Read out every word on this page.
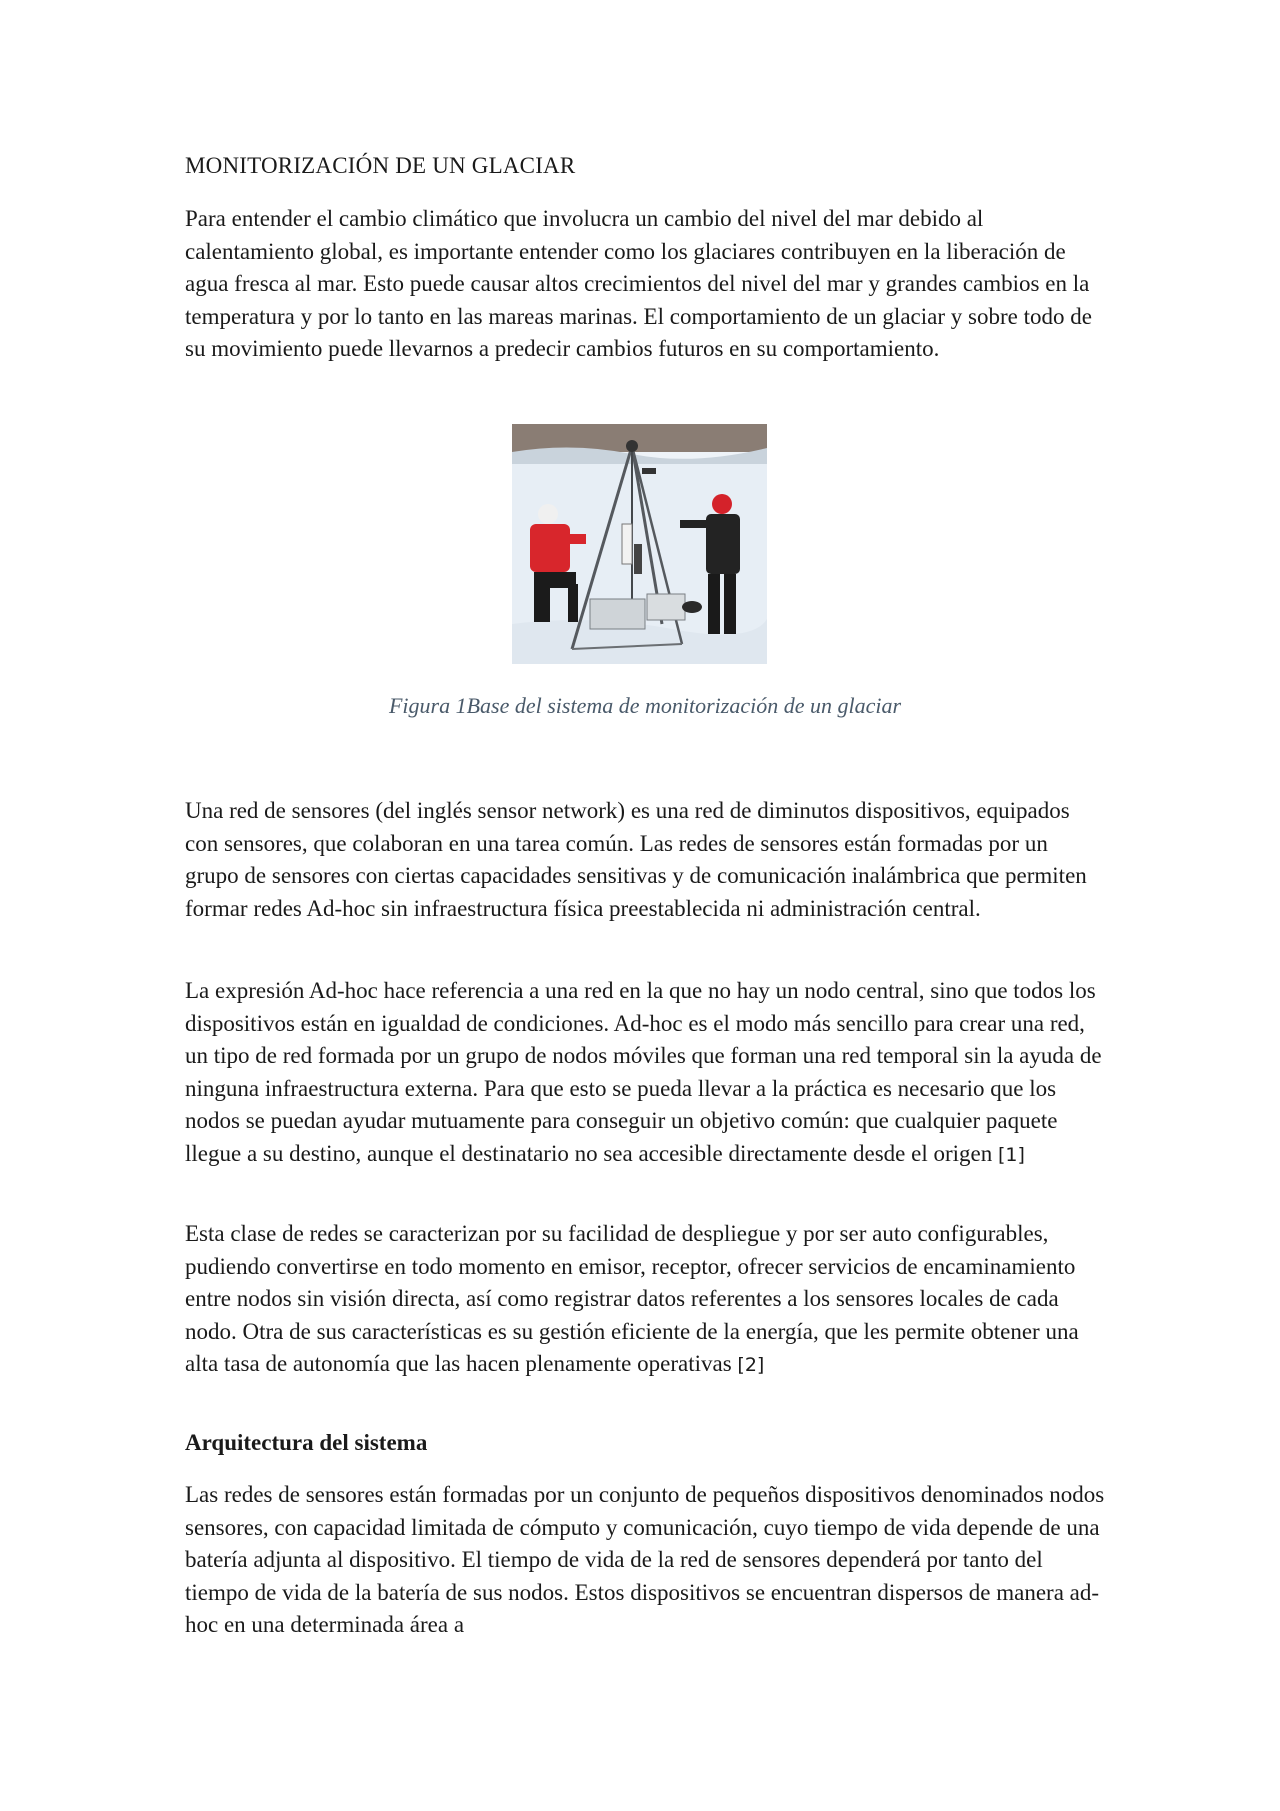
MONITORIZACIÓN DE UN GLACIAR

Para entender el cambio climático que involucra un cambio del nivel del mar debido al calentamiento global, es importante entender como los glaciares contribuyen en la liberación de agua fresca al mar. Esto puede causar altos crecimientos del nivel del mar y grandes cambios en la temperatura y por lo tanto en las mareas marinas. El comportamiento de un glaciar y sobre todo de su movimiento puede llevarnos a predecir cambios futuros en su comportamiento.

Figura 1Base del sistema de monitorización de un glaciar

Una red de sensores (del inglés sensor network) es una red de diminutos dispositivos, equipados con sensores, que colaboran en una tarea común. Las redes de sensores están formadas por un grupo de sensores con ciertas capacidades sensitivas y de comunicación inalámbrica que permiten formar redes Ad-hoc sin infraestructura física preestablecida ni administración central.

La expresión Ad-hoc hace referencia a una red en la que no hay un nodo central, sino que todos los dispositivos están en igualdad de condiciones. Ad-hoc es el modo más sencillo para crear una red, un tipo de red formada por un grupo de nodos móviles que forman una red temporal sin la ayuda de ninguna infraestructura externa. Para que esto se pueda llevar a la práctica es necesario que los nodos se puedan ayudar mutuamente para conseguir un objetivo común: que cualquier paquete llegue a su destino, aunque el destinatario no sea accesible directamente desde el origen [1]

Esta clase de redes se caracterizan por su facilidad de despliegue y por ser auto configurables, pudiendo convertirse en todo momento en emisor, receptor, ofrecer servicios de encaminamiento entre nodos sin visión directa, así como registrar datos referentes a los sensores locales de cada nodo. Otra de sus características es su gestión eficiente de la energía, que les permite obtener una alta tasa de autonomía que las hacen plenamente operativas [2]

Arquitectura del sistema

Las redes de sensores están formadas por un conjunto de pequeños dispositivos denominados nodos sensores, con capacidad limitada de cómputo y comunicación, cuyo tiempo de vida depende de una batería adjunta al dispositivo. El tiempo de vida de la red de sensores dependerá por tanto del tiempo de vida de la batería de sus nodos. Estos dispositivos se encuentran dispersos de manera ad-hoc en una determinada área a
